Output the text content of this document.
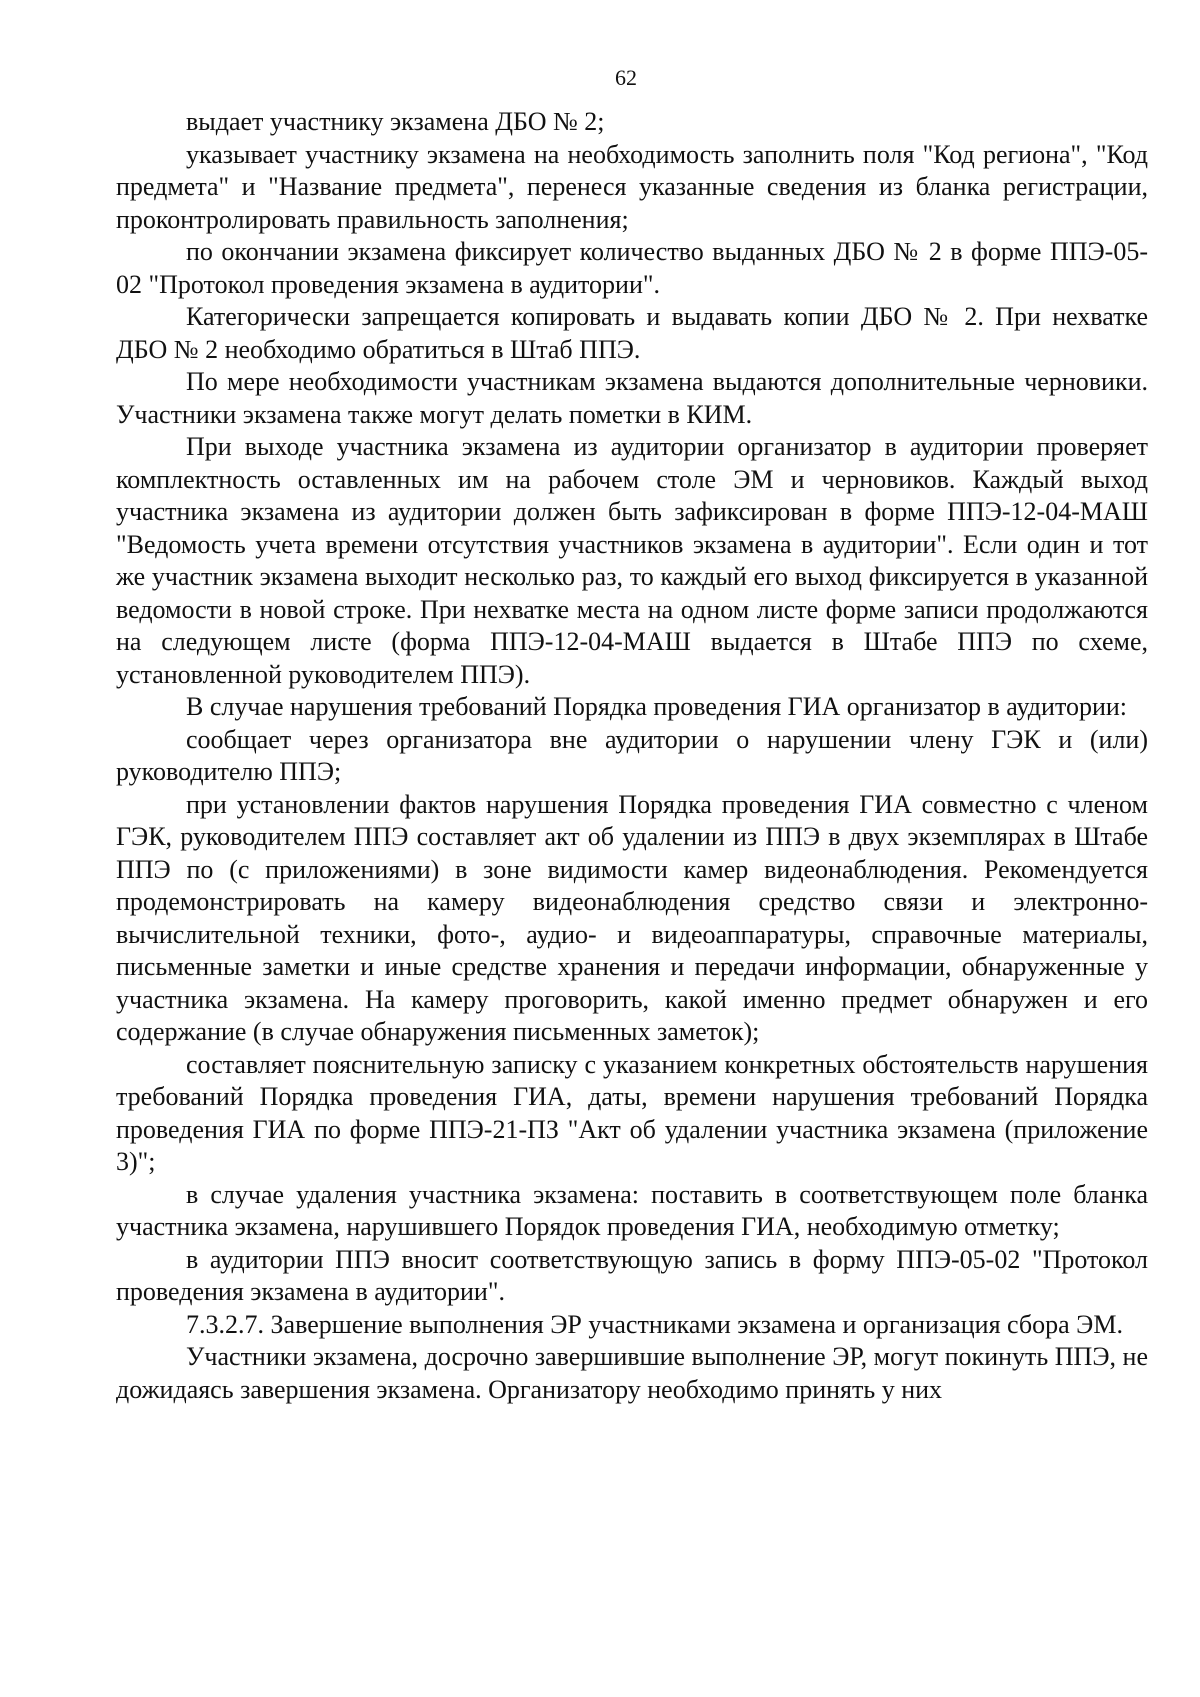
62

выдает участнику экзамена ДБО № 2;

указывает участнику экзамена на необходимость заполнить поля "Код региона", "Код предмета" и "Название предмета", перенеся указанные сведения из бланка регистрации, проконтролировать правильность заполнения;

по окончании экзамена фиксирует количество выданных ДБО № 2 в форме ППЭ-05-02 "Протокол проведения экзамена в аудитории".

Категорически запрещается копировать и выдавать копии ДБО № 2. При нехватке ДБО № 2 необходимо обратиться в Штаб ППЭ.

По мере необходимости участникам экзамена выдаются дополнительные черновики. Участники экзамена также могут делать пометки в КИМ.

При выходе участника экзамена из аудитории организатор в аудитории проверяет комплектность оставленных им на рабочем столе ЭМ и черновиков. Каждый выход участника экзамена из аудитории должен быть зафиксирован в форме ППЭ-12-04-МАШ "Ведомость учета времени отсутствия участников экзамена в аудитории". Если один и тот же участник экзамена выходит несколько раз, то каждый его выход фиксируется в указанной ведомости в новой строке. При нехватке места на одном листе форме записи продолжаются на следующем листе (форма ППЭ-12-04-МАШ выдается в Штабе ППЭ по схеме, установленной руководителем ППЭ).

В случае нарушения требований Порядка проведения ГИА организатор в аудитории:

сообщает через организатора вне аудитории о нарушении члену ГЭК и (или) руководителю ППЭ;

при установлении фактов нарушения Порядка проведения ГИА совместно с членом ГЭК, руководителем ППЭ составляет акт об удалении из ППЭ в двух экземплярах в Штабе ППЭ по (с приложениями) в зоне видимости камер видеонаблюдения. Рекомендуется продемонстрировать на камеру видеонаблюдения средство связи и электронно-вычислительной техники, фото-, аудио- и видеоаппаратуры, справочные материалы, письменные заметки и иные средстве хранения и передачи информации, обнаруженные у участника экзамена. На камеру проговорить, какой именно предмет обнаружен и его содержание (в случае обнаружения письменных заметок);

составляет пояснительную записку с указанием конкретных обстоятельств нарушения требований Порядка проведения ГИА, даты, времени нарушения требований Порядка проведения ГИА по форме ППЭ-21-ПЗ "Акт об удалении участника экзамена (приложение 3)";

в случае удаления участника экзамена: поставить в соответствующем поле бланка участника экзамена, нарушившего Порядок проведения ГИА, необходимую отметку;

в аудитории ППЭ вносит соответствующую запись в форму ППЭ-05-02 "Протокол проведения экзамена в аудитории".

7.3.2.7. Завершение выполнения ЭР участниками экзамена и организация сбора ЭМ.

Участники экзамена, досрочно завершившие выполнение ЭР, могут покинуть ППЭ, не дожидаясь завершения экзамена. Организатору необходимо принять у них
